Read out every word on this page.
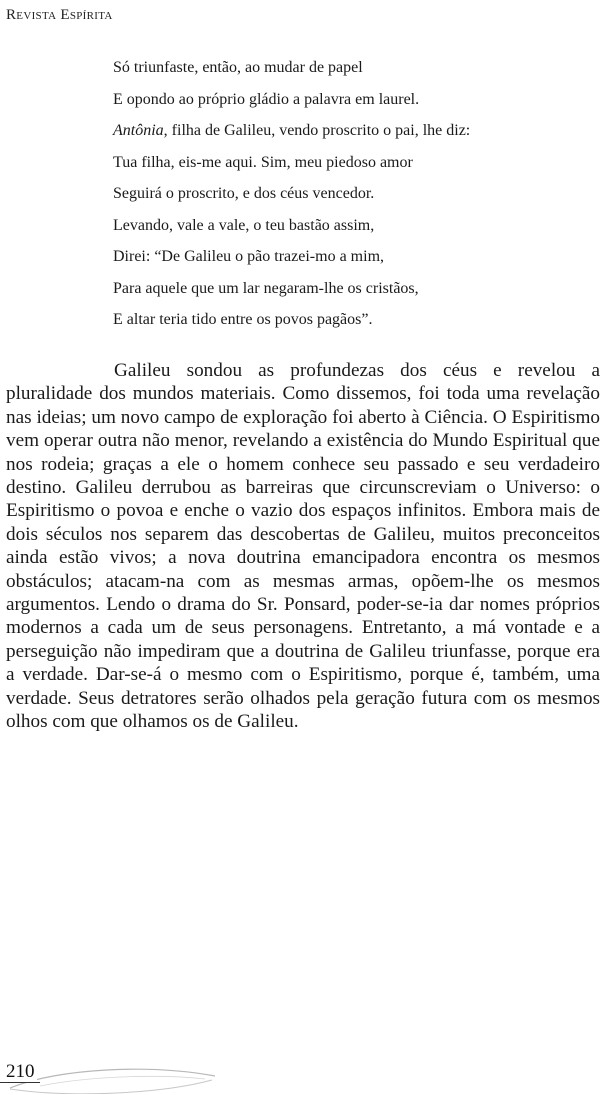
Revista Espírita
Só triunfaste, então, ao mudar de papel
E opondo ao próprio gládio a palavra em laurel.
Antônia, filha de Galileu, vendo proscrito o pai, lhe diz:
Tua filha, eis-me aqui. Sim, meu piedoso amor
Seguirá o proscrito, e dos céus vencedor.
Levando, vale a vale, o teu bastão assim,
Direi: “De Galileu o pão trazei-mo a mim,
Para aquele que um lar negaram-lhe os cristãos,
E altar teria tido entre os povos pagãos”.

Galileu sondou as profundezas dos céus e revelou a pluralidade dos mundos materiais. Como dissemos, foi toda uma revelação nas ideias; um novo campo de exploração foi aberto à Ciência. O Espiritismo vem operar outra não menor, revelando a existência do Mundo Espiritual que nos rodeia; graças a ele o homem conhece seu passado e seu verdadeiro destino. Galileu derrubou as barreiras que circunscreviam o Universo: o Espiritismo o povoa e enche o vazio dos espaços infinitos. Embora mais de dois séculos nos separem das descobertas de Galileu, muitos preconceitos ainda estão vivos; a nova doutrina emancipadora encontra os mesmos obstáculos; atacam-na com as mesmas armas, opõem-lhe os mesmos argumentos. Lendo o drama do Sr. Ponsard, poder-se-ia dar nomes próprios modernos a cada um de seus personagens. Entretanto, a má vontade e a perseguição não impediram que a doutrina de Galileu triunfasse, porque era a verdade. Dar-se-á o mesmo com o Espiritismo, porque é, também, uma verdade. Seus detratores serão olhados pela geração futura com os mesmos olhos com que olhamos os de Galileu.

210
